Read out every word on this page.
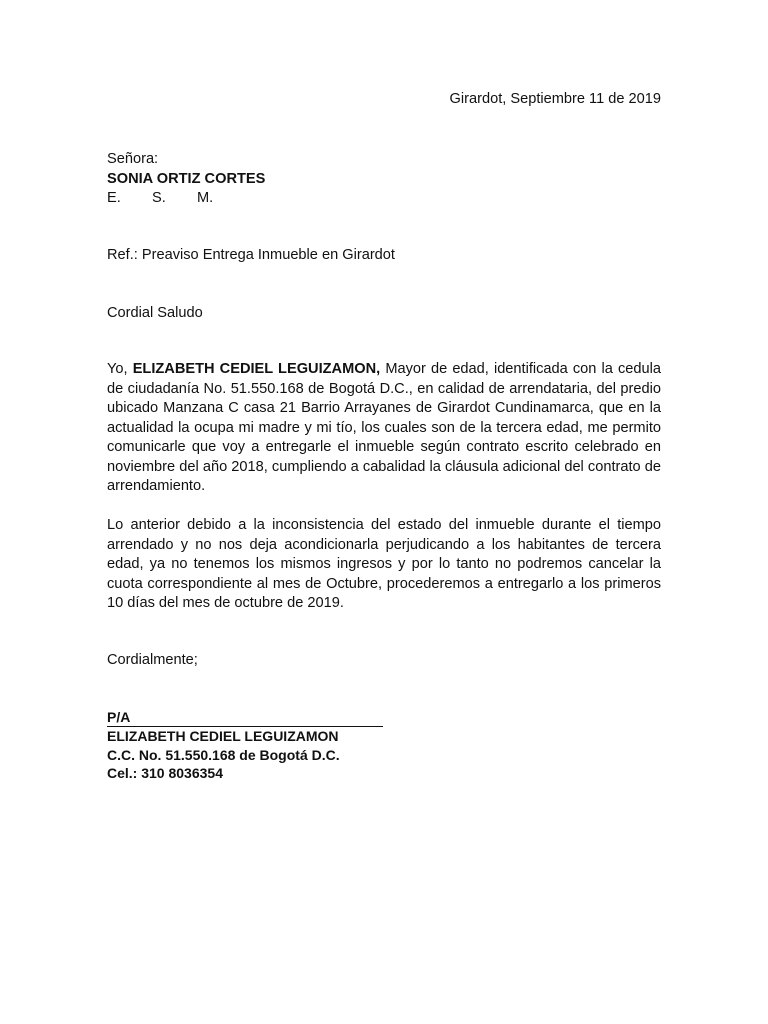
Girardot, Septiembre 11 de 2019
Señora:
SONIA ORTIZ CORTES
E. S. M.
Ref.: Preaviso Entrega Inmueble en Girardot
Cordial Saludo
Yo, ELIZABETH CEDIEL LEGUIZAMON, Mayor de edad, identificada con la cedula de ciudadanía No. 51.550.168 de Bogotá D.C., en calidad de arrendataria, del predio ubicado Manzana C casa 21 Barrio Arrayanes de Girardot Cundinamarca, que en la actualidad la ocupa mi madre y mi tío, los cuales son de la tercera edad, me permito comunicarle que voy a entregarle el inmueble según contrato escrito celebrado en noviembre del año 2018, cumpliendo a cabalidad la cláusula adicional del contrato de arrendamiento.
Lo anterior debido a la inconsistencia del estado del inmueble durante el tiempo arrendado y no nos deja acondicionarla perjudicando a los habitantes de tercera edad, ya no tenemos los mismos ingresos y por lo tanto no podremos cancelar la cuota correspondiente al mes de Octubre, procederemos a entregarlo a los primeros 10 días del mes de octubre de 2019.
Cordialmente;
P/A
ELIZABETH CEDIEL LEGUIZAMON
C.C. No. 51.550.168 de Bogotá D.C.
Cel.: 310 8036354
